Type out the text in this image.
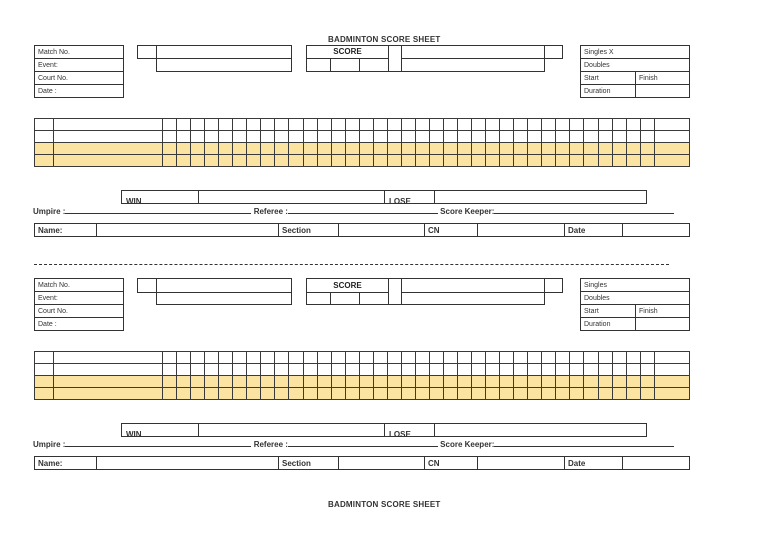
BADMINTON SCORE SHEET
Match No.
Event:
Court No.
Date :
SCORE	Singles X	
Doubles	
Start	Finish
Duration	

WIN	LOSE
Umpire :	Referee :	Score Keeper:
Name:		Section		CN		Date	
Match No.
Event:
Court No.
Date :
SCORE	Singles	
Doubles	
Start	Finish
Duration	

WIN	LOSE
Umpire :	Referee :	Score Keeper:
Name:		Section		CN		Date	
BADMINTON SCORE SHEET
